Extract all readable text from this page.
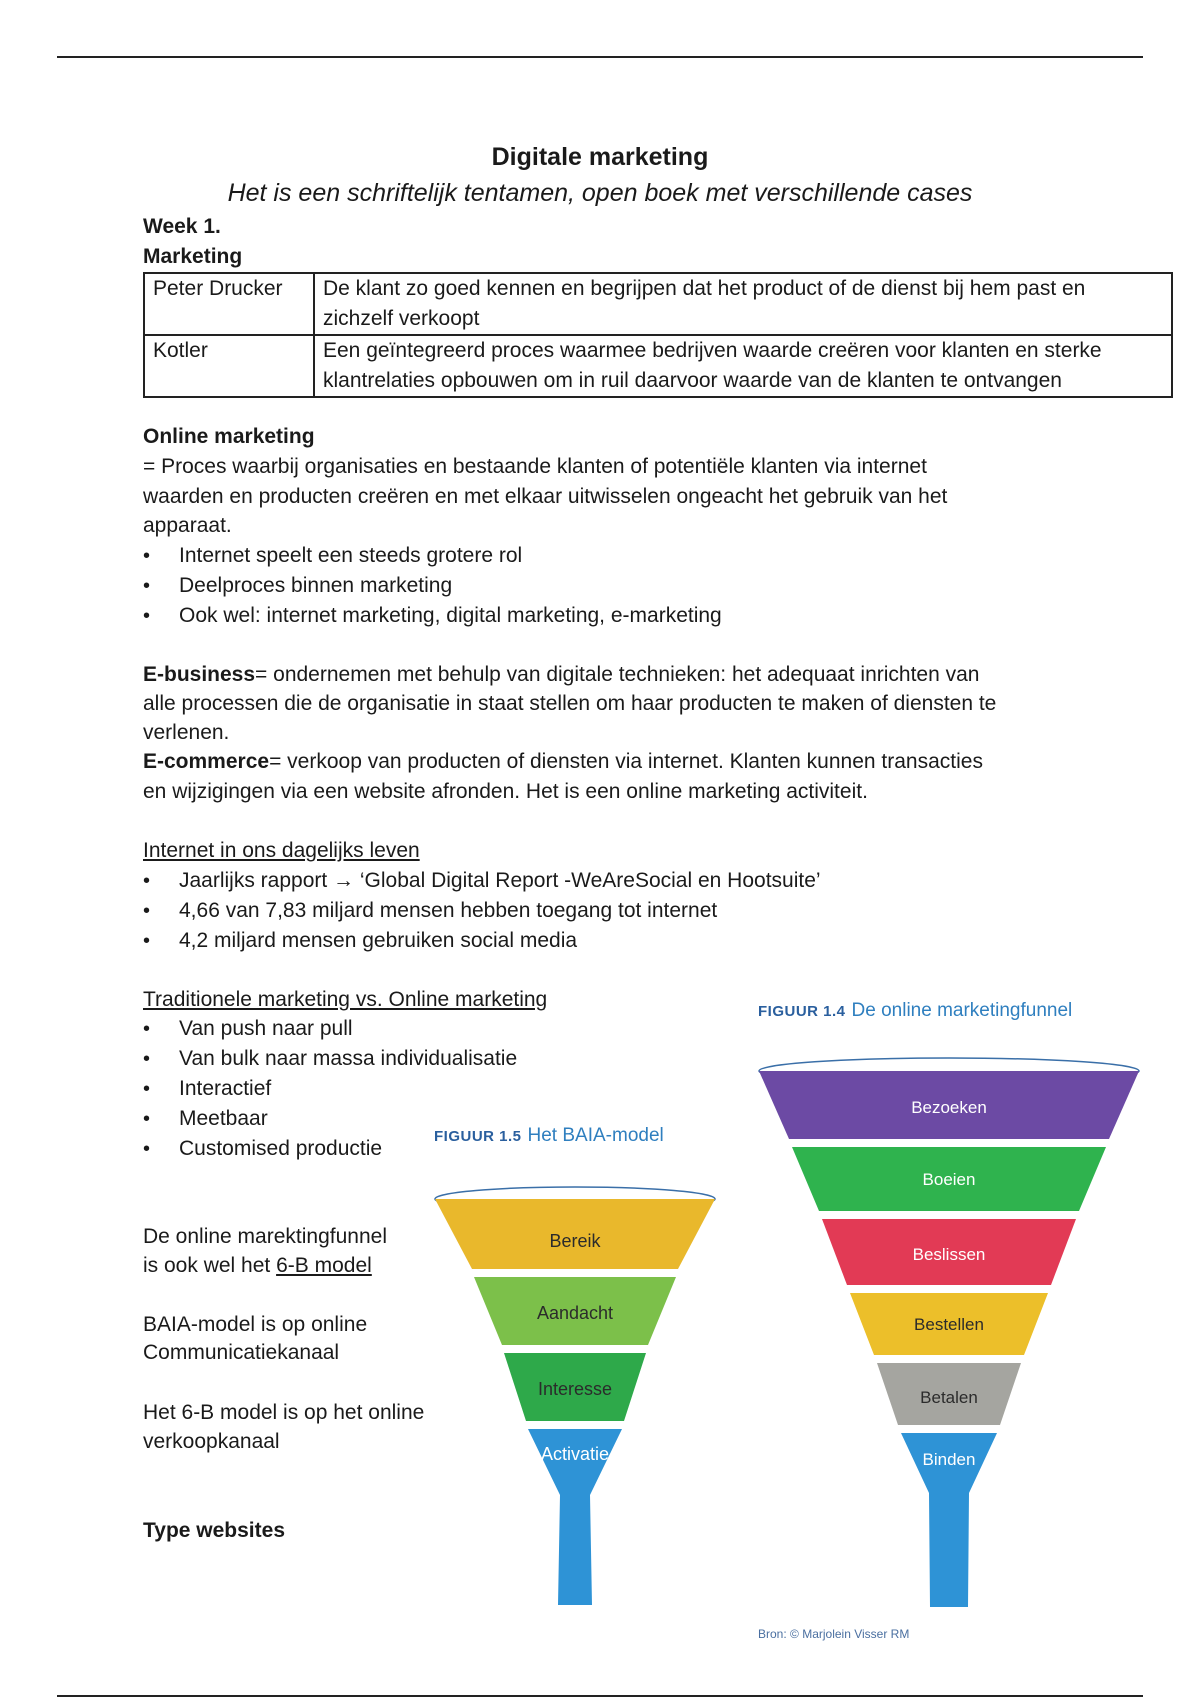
Digitale marketing
Het is een schriftelijk tentamen, open boek met verschillende cases
Week 1.
Marketing
Peter Drucker	De klant zo goed kennen en begrijpen dat het product of de dienst bij hem past en
zichzelf verkoopt

Kotler	Een geïntegreerd proces waarmee bedrijven waarde creëren voor klanten en sterke
klantrelaties opbouwen om in ruil daarvoor waarde van de klanten te ontvangen
Online marketing
= Proces waarbij organisaties en bestaande klanten of potentiële klanten via internet
waarden en producten creëren en met elkaar uitwisselen ongeacht het gebruik van het
apparaat.
• Internet speelt een steeds grotere rol
• Deelproces binnen marketing
• Ook wel: internet marketing, digital marketing, e-marketing
E-business= ondernemen met behulp van digitale technieken: het adequaat inrichten van
alle processen die de organisatie in staat stellen om haar producten te maken of diensten te
verlenen.
E-commerce= verkoop van producten of diensten via internet. Klanten kunnen transacties
en wijzigingen via een website afronden. Het is een online marketing activiteit.
Internet in ons dagelijks leven
• Jaarlijks rapport → ‘Global Digital Report -WeAreSocial en Hootsuite’
• 4,66 van 7,83 miljard mensen hebben toegang tot internet
• 4,2 miljard mensen gebruiken social media
Traditionele marketing vs. Online marketing
• Van push naar pull
• Van bulk naar massa individualisatie
• Interactief
• Meetbaar
• Customised productie
De online marektingfunnel
is ook wel het 6-B model
BAIA-model is op online
Communicatiekanaal
Het 6-B model is op het online
verkoopkanaal
Type websites
FIGUUR 1.5 Het BAIA-model
Bereik
Aandacht
Interesse
Activatie
FIGUUR 1.4 De online marketingfunnel
Bezoeken
Boeien
Beslissen
Bestellen
Betalen
Binden
Bron: © Marjolein Visser RM
